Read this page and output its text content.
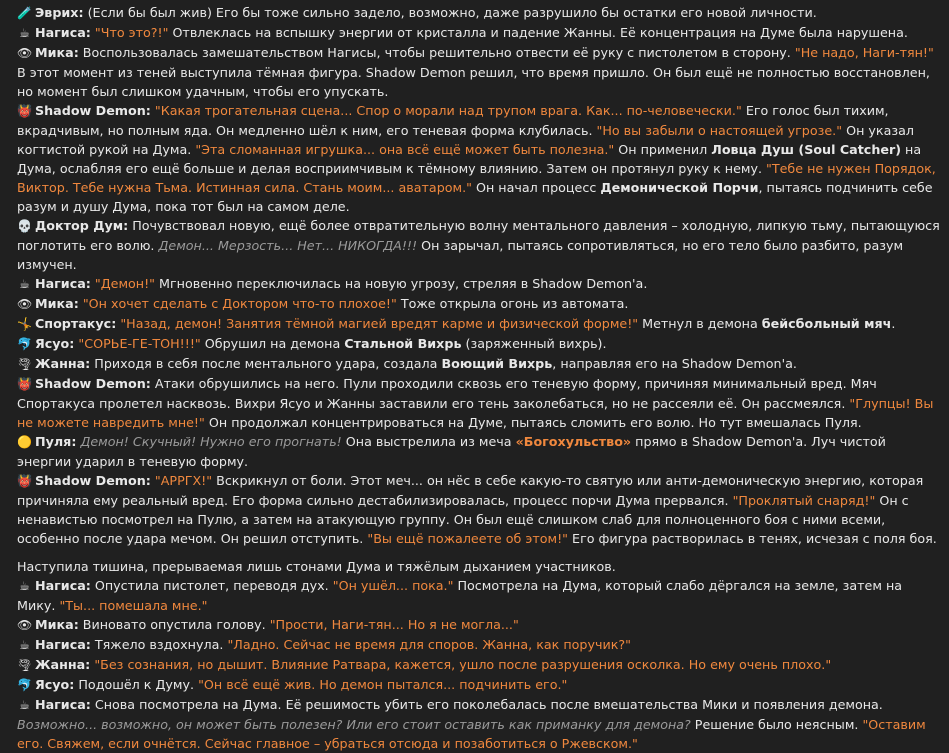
🧪 Эврих: (Если бы был жив) Его бы тоже сильно задело, возможно, даже разрушило бы остатки его новой личности.

☕ Нагиса: "Что это?!" Отвлеклась на вспышку энергии от кристалла и падение Жанны. Её концентрация на Думе была нарушена.

👁 Мика: Воспользовалась замешательством Нагисы, чтобы решительно отвести её руку с пистолетом в сторону. "Не надо, Наги-тян!"

В этот момент из теней выступила тёмная фигура. Shadow Demon решил, что время пришло. Он был ещё не полностью восстановлен, но момент был слишком удачным, чтобы его упускать.

👹 Shadow Demon: "Какая трогательная сцена... Спор о морали над трупом врага. Как... по-человечески." Его голос был тихим, вкрадчивым, но полным яда. Он медленно шёл к ним, его теневая форма клубилась. "Но вы забыли о настоящей угрозе." Он указал когтистой рукой на Дума. "Эта сломанная игрушка... она всё ещё может быть полезна." Он применил Ловца Душ (Soul Catcher) на Дума, ослабляя его ещё больше и делая восприимчивым к тёмному влиянию. Затем он протянул руку к нему. "Тебе не нужен Порядок, Виктор. Тебе нужна Тьма. Истинная сила. Стань моим... аватаром." Он начал процесс Демонической Порчи, пытаясь подчинить себе разум и душу Дума, пока тот был на самом деле.

💀 Доктор Дум: Почувствовал новую, ещё более отвратительную волну ментального давления – холодную, липкую тьму, пытающуюся поглотить его волю. Демон... Мерзость... Нет... НИКОГДА!!! Он зарычал, пытаясь сопротивляться, но его тело было разбито, разум измучен.

☕ Нагиса: "Демон!" Мгновенно переключилась на новую угрозу, стреляя в Shadow Demon'а.

👁 Мика: "Он хочет сделать с Доктором что-то плохое!" Тоже открыла огонь из автомата.

🤸 Спортакус: "Назад, демон! Занятия тёмной магией вредят карме и физической форме!" Метнул в демона бейсбольный мяч.

🐬 Ясуо: "СОРЬЕ-ГЕ-ТОН!!!" Обрушил на демона Стальной Вихрь (заряженный вихрь).

🌪 Жанна: Приходя в себя после ментального удара, создала Воющий Вихрь, направляя его на Shadow Demon'а.

👹 Shadow Demon: Атаки обрушились на него. Пули проходили сквозь его теневую форму, причиняя минимальный вред. Мяч Спортакуса пролетел насквозь. Вихри Ясуо и Жанны заставили его тень заколебаться, но не рассеяли её. Он рассмеялся. "Глупцы! Вы не можете навредить мне!" Он продолжал концентрироваться на Думе, пытаясь сломить его волю. Но тут вмешалась Пуля.

🟡 Пуля: Демон! Скучный! Нужно его прогнать! Она выстрелила из меча «Богохульство» прямо в Shadow Demon'а. Луч чистой энергии ударил в теневую форму.

👹 Shadow Demon: "АРРГХ!" Вскрикнул от боли. Этот меч... он нёс в себе какую-то святую или анти-демоническую энергию, которая причиняла ему реальный вред. Его форма сильно дестабилизировалась, процесс порчи Дума прервался. "Проклятый снаряд!" Он с ненавистью посмотрел на Пулю, а затем на атакующую группу. Он был ещё слишком слаб для полноценного боя с ними всеми, особенно после удара мечом. Он решил отступить. "Вы ещё пожалеете об этом!" Его фигура растворилась в тенях, исчезая с поля боя.

Наступила тишина, прерываемая лишь стонами Дума и тяжёлым дыханием участников.

☕ Нагиса: Опустила пистолет, переводя дух. "Он ушёл... пока." Посмотрела на Дума, который слабо дёргался на земле, затем на Мику. "Ты... помешала мне."

👁 Мика: Виновато опустила голову. "Прости, Наги-тян... Но я не могла..."

☕ Нагиса: Тяжело вздохнула. "Ладно. Сейчас не время для споров. Жанна, как поручик?"

🌪 Жанна: "Без сознания, но дышит. Влияние Ратвара, кажется, ушло после разрушения осколка. Но ему очень плохо."

🐬 Ясуо: Подошёл к Думу. "Он всё ещё жив. Но демон пытался... подчинить его."

☕ Нагиса: Снова посмотрела на Дума. Её решимость убить его поколебалась после вмешательства Мики и появления демона. Возможно... возможно, он может быть полезен? Или его стоит оставить как приманку для демона? Решение было неясным. "Оставим его. Свяжем, если очнётся. Сейчас главное – убраться отсюда и позаботиться о Ржевском."
